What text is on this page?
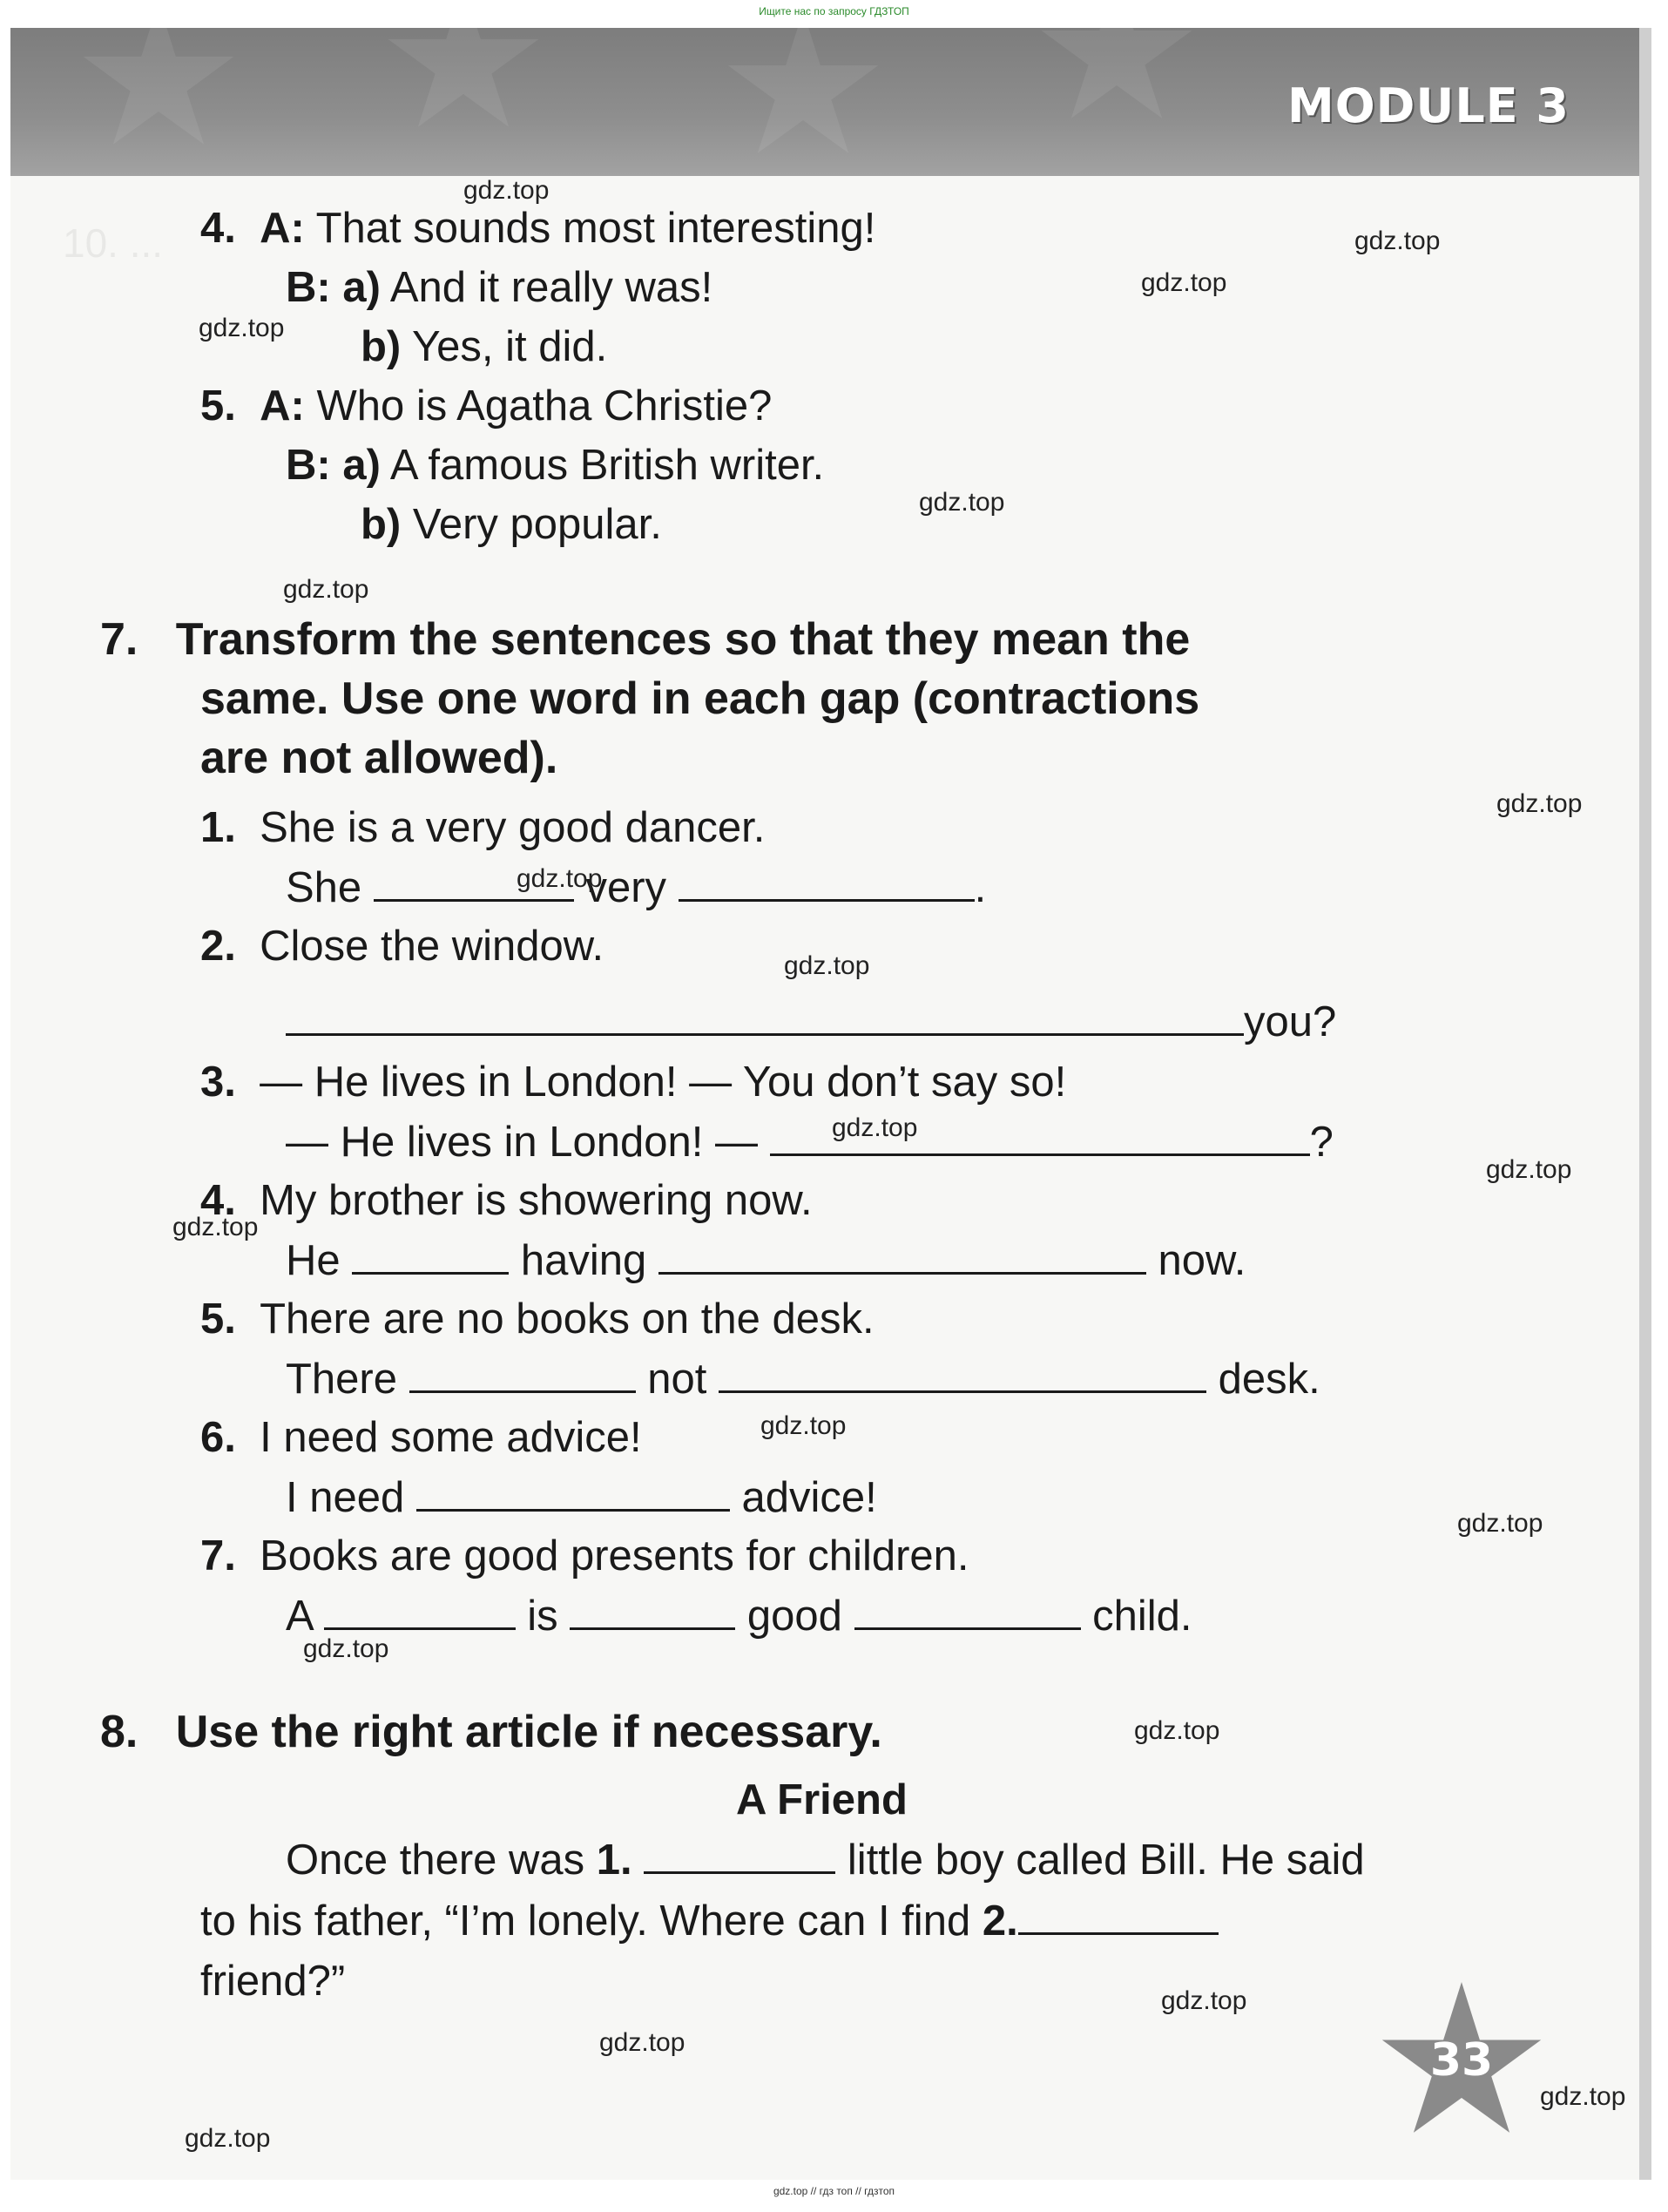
Ищите нас по запросу ГДЗТОП
MODULE 3
10. ... 4. A: That sounds most interesting!
B: a) And it really was!
b) Yes, it did.
5. A: Who is Agatha Christie?
B: a) A famous British writer.
b) Very popular.
7. Transform the sentences so that they mean the
same. Use one word in each gap (contractions
are not allowed).
1. She is a very good dancer.
She	very	.
2. Close the window.
you?
3. — He lives in London! — You don’t say so!
— He lives in London! —	?
4. My brother is showering now.
He	having	now.
5. There are no books on the desk.
There	not	desk.
6. I need some advice!
I need	advice!
7. Books are good presents for children.
A	is	good	child.
8. Use the right article if necessary.
A Friend
Once there was 1.	little boy called Bill. He said
to his father, “I’m lonely. Where can I find 2.
friend?”
33
gdz.top
gdz.top
gdz.top
gdz.top
gdz.top
gdz.top
gdz.top
gdz.top
gdz.top
gdz.top
gdz.top
gdz.top
gdz.top
gdz.top
gdz.top
gdz.top
gdz.top
gdz.top
gdz.top
gdz.top
gdz.top // гдз топ // гдзтоп
